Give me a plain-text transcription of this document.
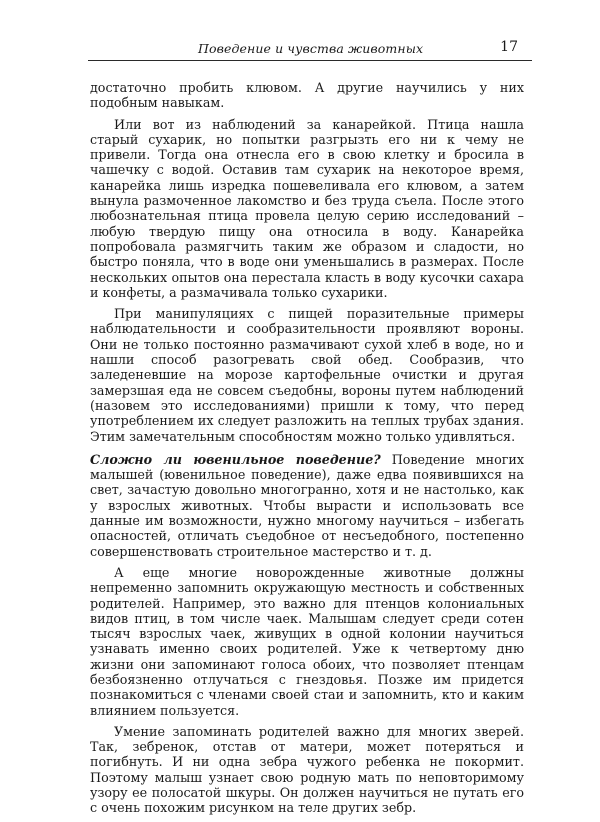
Поведение и чувства животных	17

достаточно пробить клювом. А другие научились у них подобным навыкам.

Или вот из наблюдений за канарейкой. Птица нашла старый сухарик, но попытки разгрызть его ни к чему не привели. Тогда она отнесла его в свою клетку и бросила в чашечку с водой. Оставив там сухарик на некоторое время, канарейка лишь изредка пошевеливала его клювом, а затем вынула размоченное лакомство и без труда съела. После этого любознательная птица провела целую серию исследований – любую твердую пищу она относила в воду. Канарейка попробовала размягчить таким же образом и сладости, но быстро поняла, что в воде они уменьшались в размерах. После нескольких опытов она перестала класть в воду кусочки сахара и конфеты, а размачивала только сухарики.

При манипуляциях с пищей поразительные примеры наблюдательности и сообразительности проявляют вороны. Они не только постоянно размачивают сухой хлеб в воде, но и нашли способ разогревать свой обед. Сообразив, что заледеневшие на морозе картофельные очистки и другая замерзшая еда не совсем съедобны, вороны путем наблюдений (назовем это исследованиями) пришли к тому, что перед употреблением их следует разложить на теплых трубах здания. Этим замечательным способностям можно только удивляться.

Сложно ли ювенильное поведение? Поведение многих малышей (ювенильное поведение), даже едва появившихся на свет, зачастую довольно многогранно, хотя и не настолько, как у взрослых животных. Чтобы вырасти и использовать все данные им возможности, нужно многому научиться – избегать опасностей, отличать съедобное от несъедобного, постепенно совершенствовать строительное мастерство и т. д.

А еще многие новорожденные животные должны непременно запомнить окружающую местность и собственных родителей. Например, это важно для птенцов колониальных видов птиц, в том числе чаек. Малышам следует среди сотен тысяч взрослых чаек, живущих в одной колонии научиться узнавать именно своих родителей. Уже к четвертому дню жизни они запоминают голоса обоих, что позволяет птенцам безбоязненно отлучаться с гнездовья. Позже им придется познакомиться с членами своей стаи и запомнить, кто и каким влиянием пользуется.

Умение запоминать родителей важно для многих зверей. Так, зебренок, отстав от матери, может потеряться и погибнуть. И ни одна зебра чужого ребенка не покормит. Поэтому малыш узнает свою родную мать по неповторимому узору ее полосатой шкуры. Он должен научиться не путать его с очень похожим рисунком на теле других зебр.
